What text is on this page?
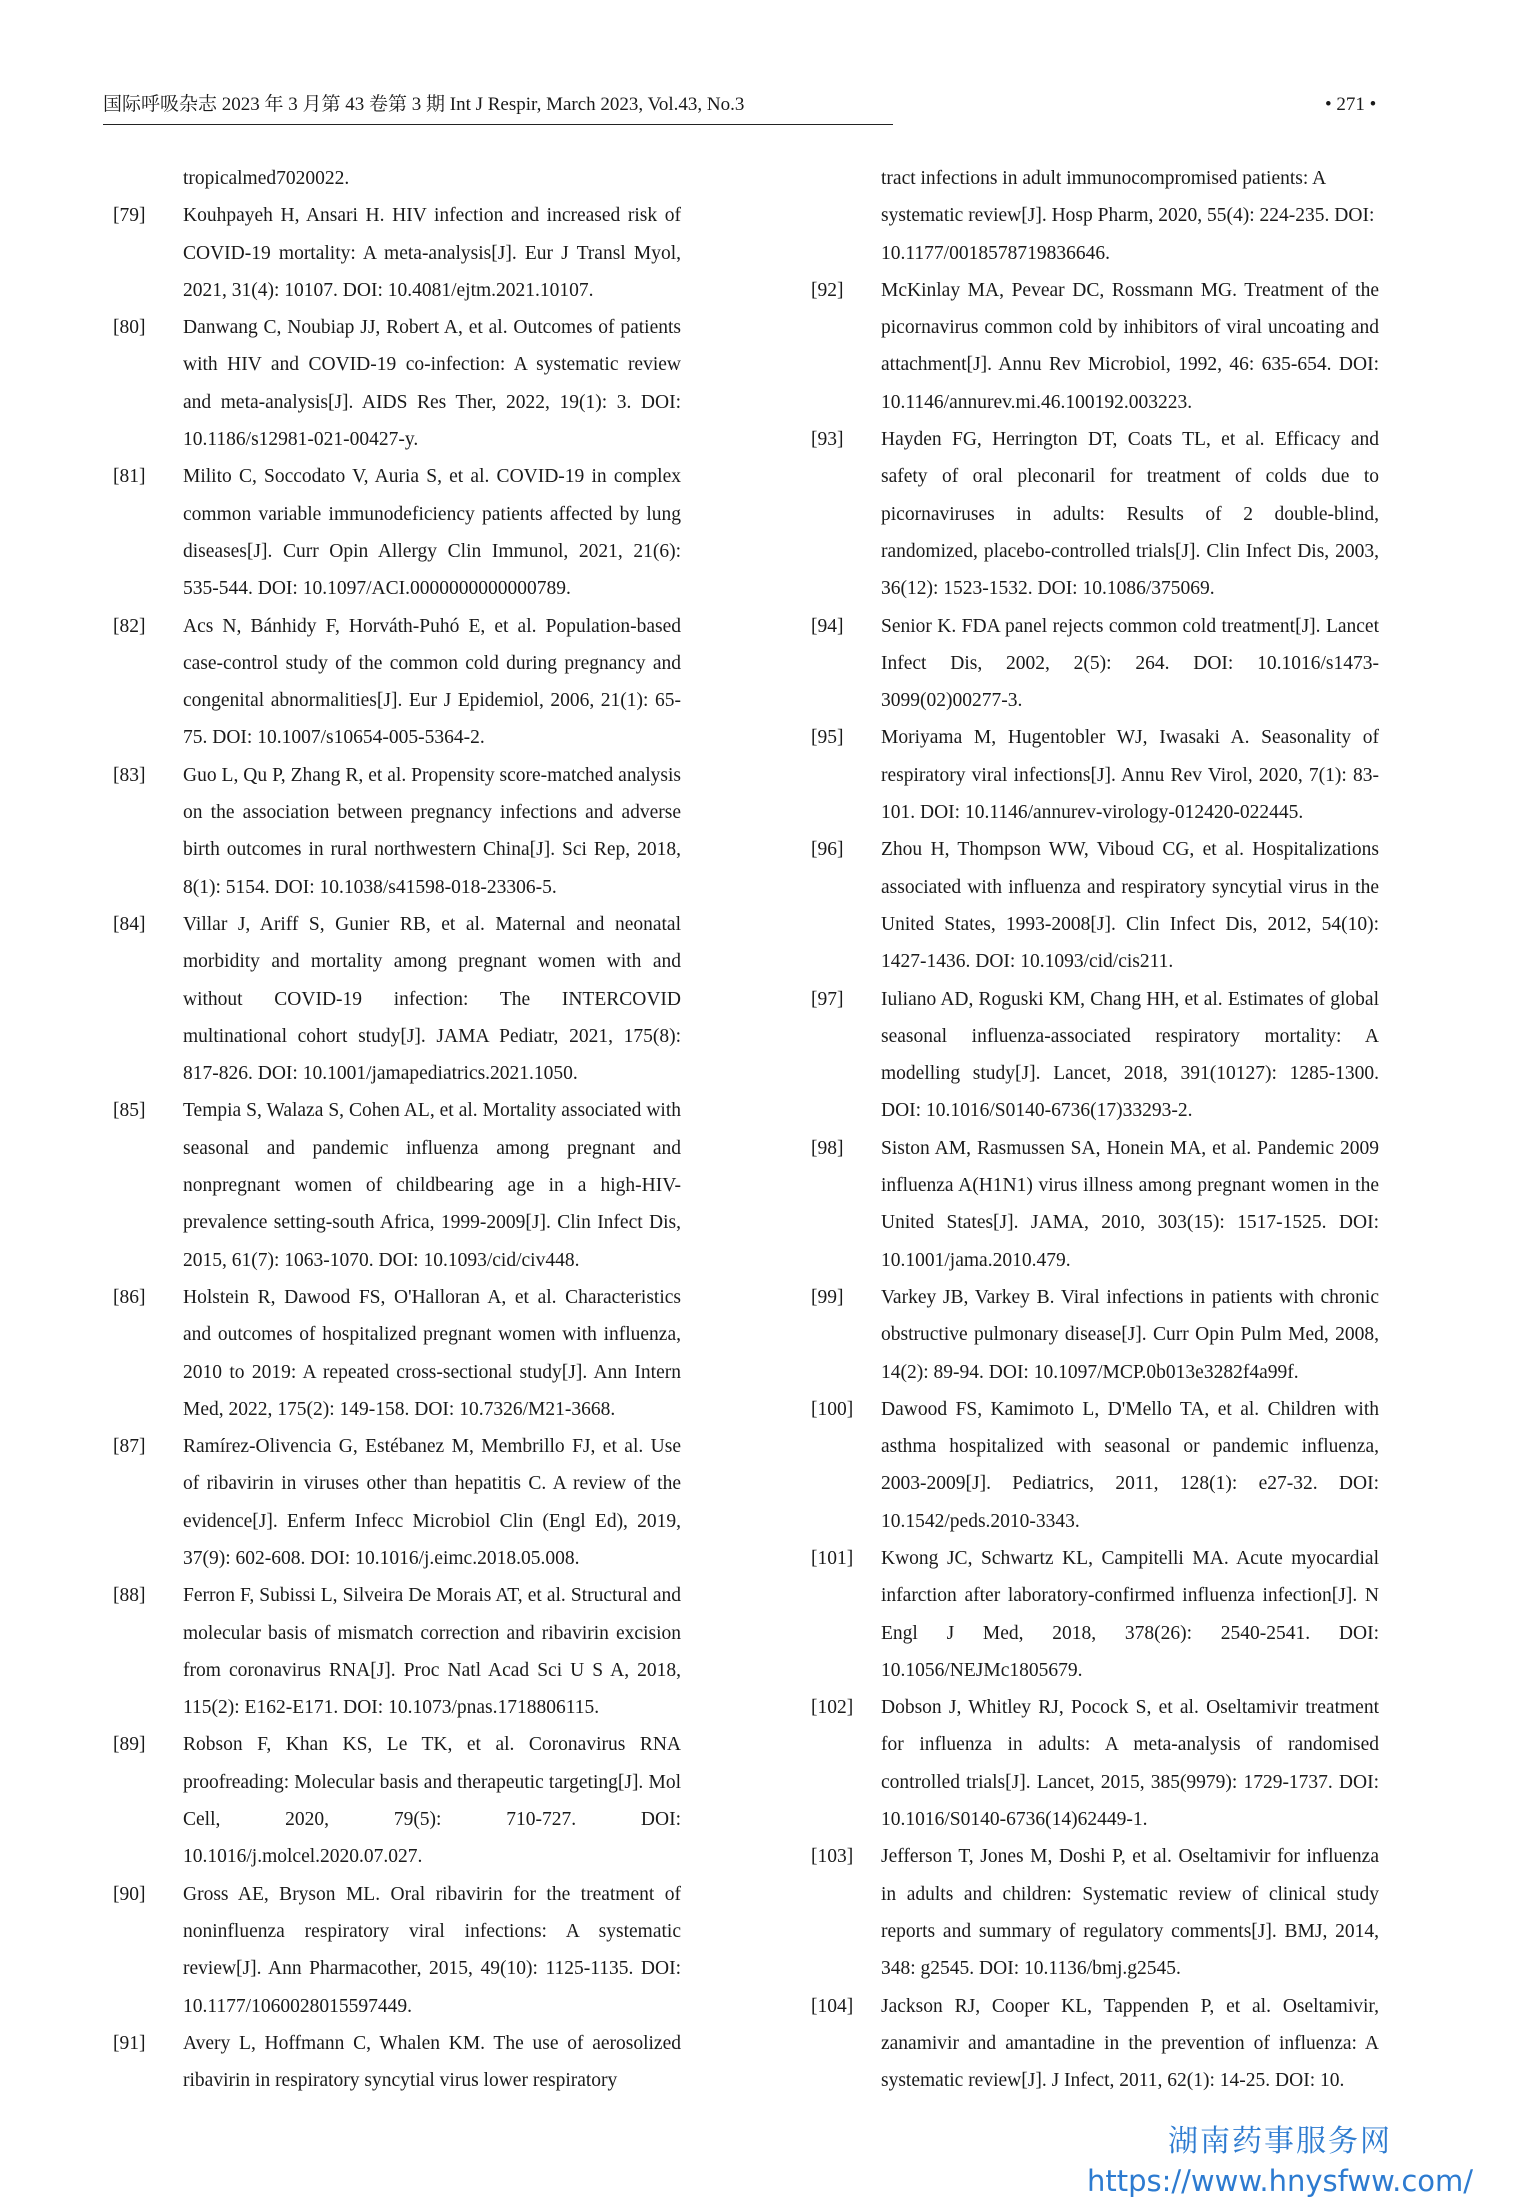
国际呼吸杂志 2023 年 3 月第 43 卷第 3 期 Int J Respir, March 2023, Vol.43, No.3	• 271 •
tropicalmed7020022.
[79]	Kouhpayeh H, Ansari H. HIV infection and increased risk of COVID-19 mortality: A meta-analysis[J]. Eur J Transl Myol, 2021, 31(4): 10107. DOI: 10.4081/ejtm.2021.10107.
[80]	Danwang C, Noubiap JJ, Robert A, et al. Outcomes of patients with HIV and COVID-19 co-infection: A systematic review and meta-analysis[J]. AIDS Res Ther, 2022, 19(1): 3. DOI: 10.1186/s12981-021-00427-y.
[81]	Milito C, Soccodato V, Auria S, et al. COVID-19 in complex common variable immunodeficiency patients affected by lung diseases[J]. Curr Opin Allergy Clin Immunol, 2021, 21(6): 535-544. DOI: 10.1097/ACI.0000000000000789.
[82]	Acs N, Bánhidy F, Horváth-Puhó E, et al. Population-based case-control study of the common cold during pregnancy and congenital abnormalities[J]. Eur J Epidemiol, 2006, 21(1): 65-75. DOI: 10.1007/s10654-005-5364-2.
[83]	Guo L, Qu P, Zhang R, et al. Propensity score-matched analysis on the association between pregnancy infections and adverse birth outcomes in rural northwestern China[J]. Sci Rep, 2018, 8(1): 5154. DOI: 10.1038/s41598-018-23306-5.
[84]	Villar J, Ariff S, Gunier RB, et al. Maternal and neonatal morbidity and mortality among pregnant women with and without COVID-19 infection: The INTERCOVID multinational cohort study[J]. JAMA Pediatr, 2021, 175(8): 817-826. DOI: 10.1001/jamapediatrics.2021.1050.
[85]	Tempia S, Walaza S, Cohen AL, et al. Mortality associated with seasonal and pandemic influenza among pregnant and nonpregnant women of childbearing age in a high-HIV-prevalence setting-south Africa, 1999-2009[J]. Clin Infect Dis, 2015, 61(7): 1063-1070. DOI: 10.1093/cid/civ448.
[86]	Holstein R, Dawood FS, O'Halloran A, et al. Characteristics and outcomes of hospitalized pregnant women with influenza, 2010 to 2019: A repeated cross-sectional study[J]. Ann Intern Med, 2022, 175(2): 149-158. DOI: 10.7326/M21-3668.
[87]	Ramírez-Olivencia G, Estébanez M, Membrillo FJ, et al. Use of ribavirin in viruses other than hepatitis C. A review of the evidence[J]. Enferm Infecc Microbiol Clin (Engl Ed), 2019, 37(9): 602-608. DOI: 10.1016/j.eimc.2018.05.008.
[88]	Ferron F, Subissi L, Silveira De Morais AT, et al. Structural and molecular basis of mismatch correction and ribavirin excision from coronavirus RNA[J]. Proc Natl Acad Sci U S A, 2018, 115(2): E162-E171. DOI: 10.1073/pnas.1718806115.
[89]	Robson F, Khan KS, Le TK, et al. Coronavirus RNA proofreading: Molecular basis and therapeutic targeting[J]. Mol Cell, 2020, 79(5): 710-727. DOI: 10.1016/j.molcel.2020.07.027.
[90]	Gross AE, Bryson ML. Oral ribavirin for the treatment of noninfluenza respiratory viral infections: A systematic review[J]. Ann Pharmacother, 2015, 49(10): 1125-1135. DOI: 10.1177/1060028015597449.
[91]	Avery L, Hoffmann C, Whalen KM. The use of aerosolized ribavirin in respiratory syncytial virus lower respiratory
tract infections in adult immunocompromised patients: A systematic review[J]. Hosp Pharm, 2020, 55(4): 224-235. DOI: 10.1177/0018578719836646.
[92]	McKinlay MA, Pevear DC, Rossmann MG. Treatment of the picornavirus common cold by inhibitors of viral uncoating and attachment[J]. Annu Rev Microbiol, 1992, 46: 635-654. DOI: 10.1146/annurev.mi.46.100192.003223.
[93]	Hayden FG, Herrington DT, Coats TL, et al. Efficacy and safety of oral pleconaril for treatment of colds due to picornaviruses in adults: Results of 2 double-blind, randomized, placebo-controlled trials[J]. Clin Infect Dis, 2003, 36(12): 1523-1532. DOI: 10.1086/375069.
[94]	Senior K. FDA panel rejects common cold treatment[J]. Lancet Infect Dis, 2002, 2(5): 264. DOI: 10.1016/s1473-3099(02)00277-3.
[95]	Moriyama M, Hugentobler WJ, Iwasaki A. Seasonality of respiratory viral infections[J]. Annu Rev Virol, 2020, 7(1): 83-101. DOI: 10.1146/annurev-virology-012420-022445.
[96]	Zhou H, Thompson WW, Viboud CG, et al. Hospitalizations associated with influenza and respiratory syncytial virus in the United States, 1993-2008[J]. Clin Infect Dis, 2012, 54(10): 1427-1436. DOI: 10.1093/cid/cis211.
[97]	Iuliano AD, Roguski KM, Chang HH, et al. Estimates of global seasonal influenza-associated respiratory mortality: A modelling study[J]. Lancet, 2018, 391(10127): 1285-1300. DOI: 10.1016/S0140-6736(17)33293-2.
[98]	Siston AM, Rasmussen SA, Honein MA, et al. Pandemic 2009 influenza A(H1N1) virus illness among pregnant women in the United States[J]. JAMA, 2010, 303(15): 1517-1525. DOI: 10.1001/jama.2010.479.
[99]	Varkey JB, Varkey B. Viral infections in patients with chronic obstructive pulmonary disease[J]. Curr Opin Pulm Med, 2008, 14(2): 89-94. DOI: 10.1097/MCP.0b013e3282f4a99f.
[100]	Dawood FS, Kamimoto L, D'Mello TA, et al. Children with asthma hospitalized with seasonal or pandemic influenza, 2003-2009[J]. Pediatrics, 2011, 128(1): e27-32. DOI: 10.1542/peds.2010-3343.
[101]	Kwong JC, Schwartz KL, Campitelli MA. Acute myocardial infarction after laboratory-confirmed influenza infection[J]. N Engl J Med, 2018, 378(26): 2540-2541. DOI: 10.1056/NEJMc1805679.
[102]	Dobson J, Whitley RJ, Pocock S, et al. Oseltamivir treatment for influenza in adults: A meta-analysis of randomised controlled trials[J]. Lancet, 2015, 385(9979): 1729-1737. DOI: 10.1016/S0140-6736(14)62449-1.
[103]	Jefferson T, Jones M, Doshi P, et al. Oseltamivir for influenza in adults and children: Systematic review of clinical study reports and summary of regulatory comments[J]. BMJ, 2014, 348: g2545. DOI: 10.1136/bmj.g2545.
[104]	Jackson RJ, Cooper KL, Tappenden P, et al. Oseltamivir, zanamivir and amantadine in the prevention of influenza: A systematic review[J]. J Infect, 2011, 62(1): 14-25. DOI: 10.
湖南药事服务网
https://www.hnysfww.com/
